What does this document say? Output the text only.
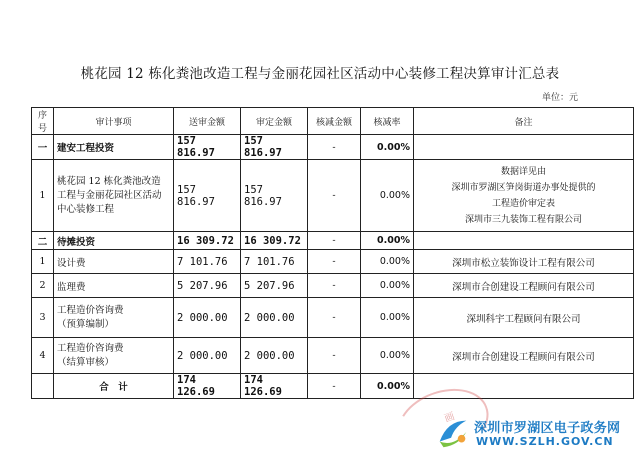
桃花园 12 栋化粪池改造工程与金丽花园社区活动中心装修工程决算审计汇总表
单位：元
序号	审计事项	送审金额	审定金额	核减金额	核减率	备注
一	建安工程投资	157 816.97	157 816.97	-	0.00%	
1	桃花园 12 栋化粪池改造工程与金丽花园社区活动中心装修工程	157 816.97	157 816.97	-	0.00%	数据详见由
深圳市罗湖区笋岗街道办事处提供的
工程造价审定表
深圳市三九装饰工程有限公司

二	待摊投资	16 309.72	16 309.72	-	0.00%	
1	设计费	7 101.76	7 101.76	-	0.00%	深圳市松立装饰设计工程有限公司
2	监理费	5 207.96	5 207.96	-	0.00%	深圳市合创建设工程顾问有限公司
3	工程造价咨询费
（预算编制）	2 000.00	2 000.00	-	0.00%	深圳科宇工程顾问有限公司
4	工程造价咨询费
（结算审核）	2 000.00	2 000.00	-	0.00%	深圳市合创建设工程顾问有限公司
	合　计	174 126.69	174 126.69	-	0.00%	
画
深圳市罗湖区电子政务网
WWW.SZLH.GOV.CN
